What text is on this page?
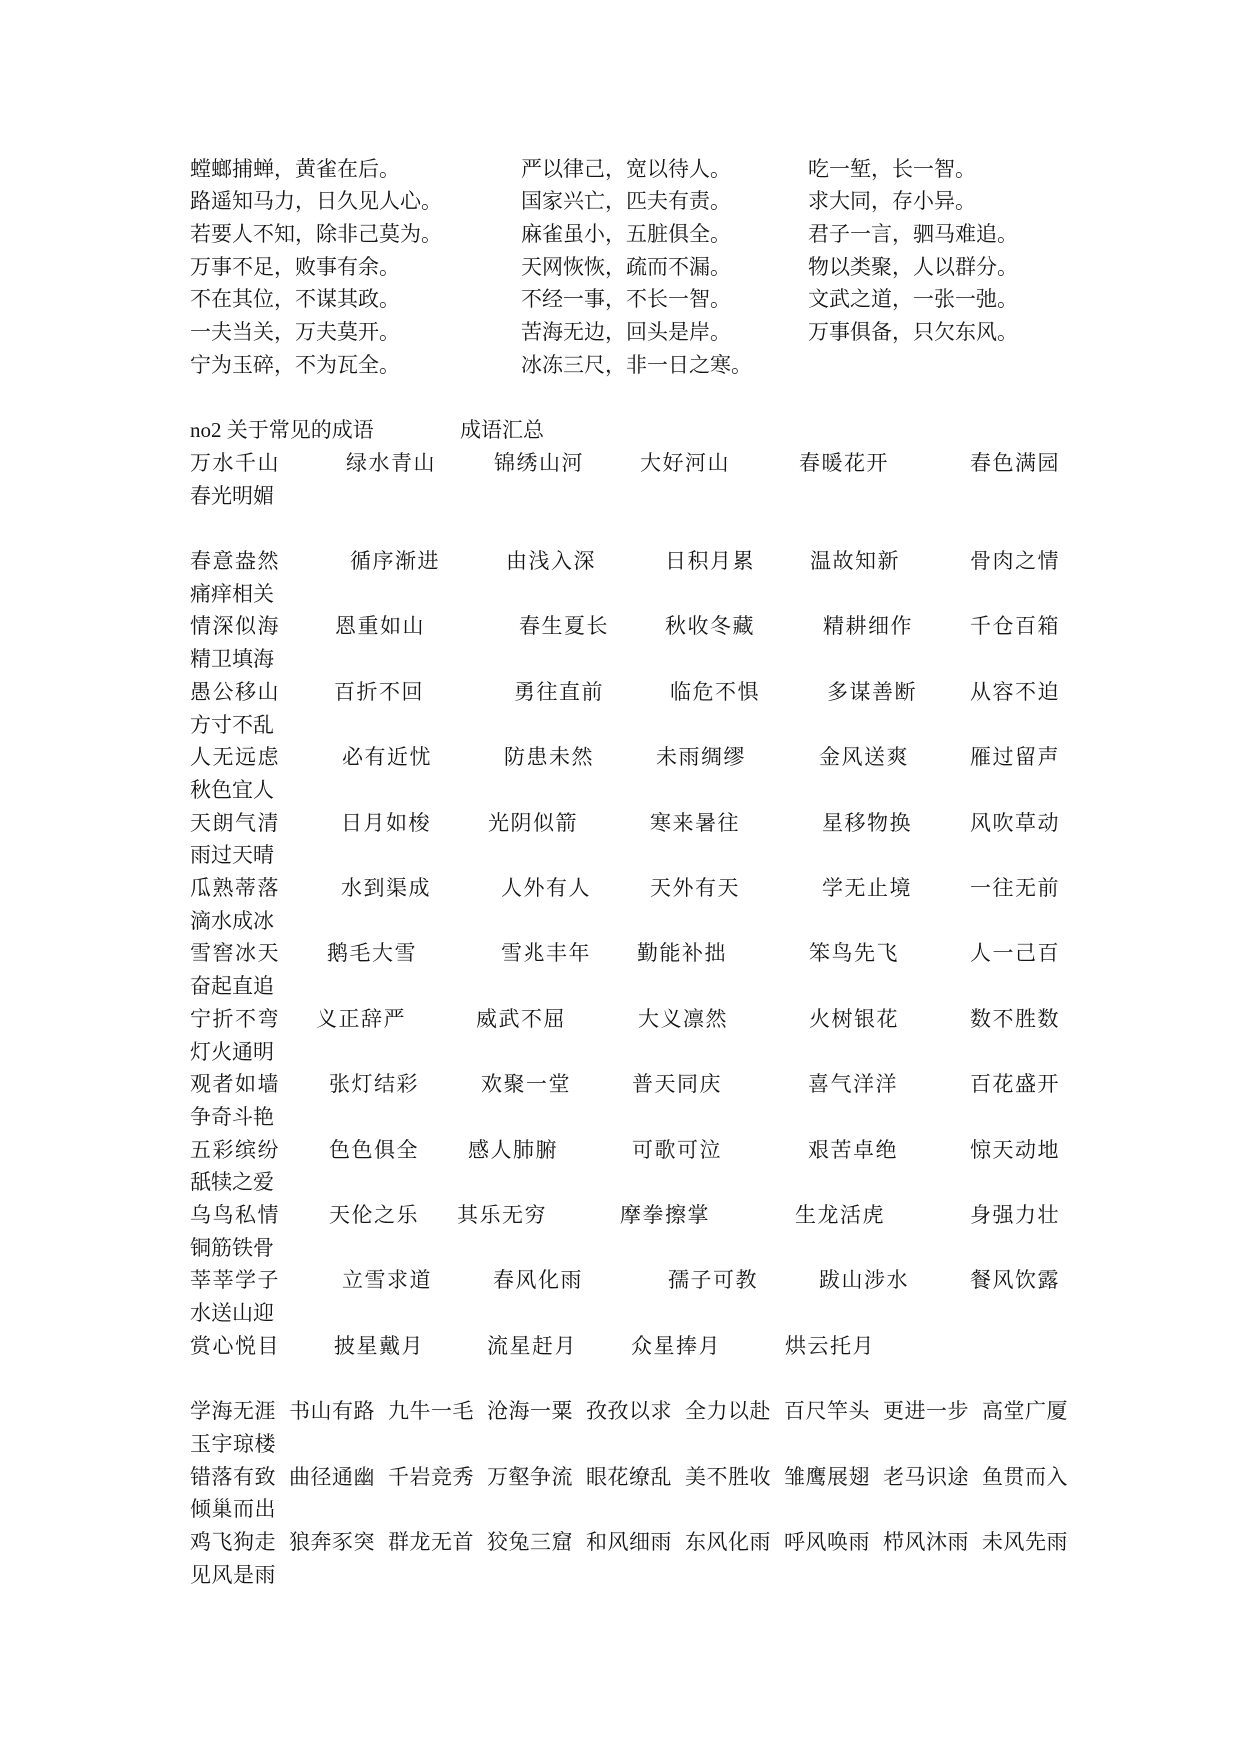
螳螂捕蝉，黄雀在后。	严以律己，宽以待人。	吃一堑，长一智。
路遥知马力，日久见人心。	国家兴亡，匹夫有责。	求大同，存小异。
若要人不知，除非己莫为。	麻雀虽小，五脏俱全。	君子一言，驷马难追。
万事不足，败事有余。	天网恢恢，疏而不漏。	物以类聚，人以群分。
不在其位，不谋其政。	不经一事，不长一智。	文武之道，一张一弛。
一夫当关，万夫莫开。	苦海无边，回头是岸。	万事俱备，只欠东风。
宁为玉碎，不为瓦全。	冰冻三尺，非一日之寒。
no2 关于常见的成语	成语汇总
万水千山	绿水青山	锦绣山河	大好河山	春暖花开	春色满园
春光明媚
春意盎然	循序渐进	由浅入深	日积月累	温故知新	骨肉之情
痛痒相关
情深似海	恩重如山	春生夏长	秋收冬藏	精耕细作	千仓百箱
精卫填海
愚公移山	百折不回	勇往直前	临危不惧	多谋善断	从容不迫
方寸不乱
人无远虑	必有近忧	防患未然	未雨绸缪	金风送爽	雁过留声
秋色宜人
天朗气清	日月如梭	光阴似箭	寒来暑往	星移物换	风吹草动
雨过天晴
瓜熟蒂落	水到渠成	人外有人	天外有天	学无止境	一往无前
滴水成冰
雪窖冰天 鹅毛大雪	雪兆丰年 勤能补拙	笨鸟先飞	人一己百
奋起直追
宁折不弯 义正辞严	威武不屈	大义凛然	火树银花	数不胜数
灯火通明
观者如墙 张灯结彩	欢聚一堂	普天同庆	喜气洋洋	百花盛开
争奇斗艳
五彩缤纷 色色俱全 感人肺腑	可歌可泣	艰苦卓绝	惊天动地
舐犊之爱
乌鸟私情 天伦之乐 其乐无穷	摩拳擦掌	生龙活虎	身强力壮
铜筋铁骨
莘莘学子	立雪求道	春风化雨	孺子可教	跋山涉水	餐风饮露
水送山迎
赏心悦目	披星戴月	流星赶月	众星捧月	烘云托月
学海无涯 书山有路 九牛一毛 沧海一粟 孜孜以求 全力以赴 百尺竿头 更进一步 高堂广厦
玉宇琼楼
错落有致 曲径通幽 千岩竞秀 万壑争流 眼花缭乱 美不胜收 雏鹰展翅 老马识途 鱼贯而入
倾巢而出
鸡飞狗走 狼奔豕突 群龙无首 狡兔三窟 和风细雨 东风化雨 呼风唤雨 栉风沐雨 未风先雨
见风是雨
